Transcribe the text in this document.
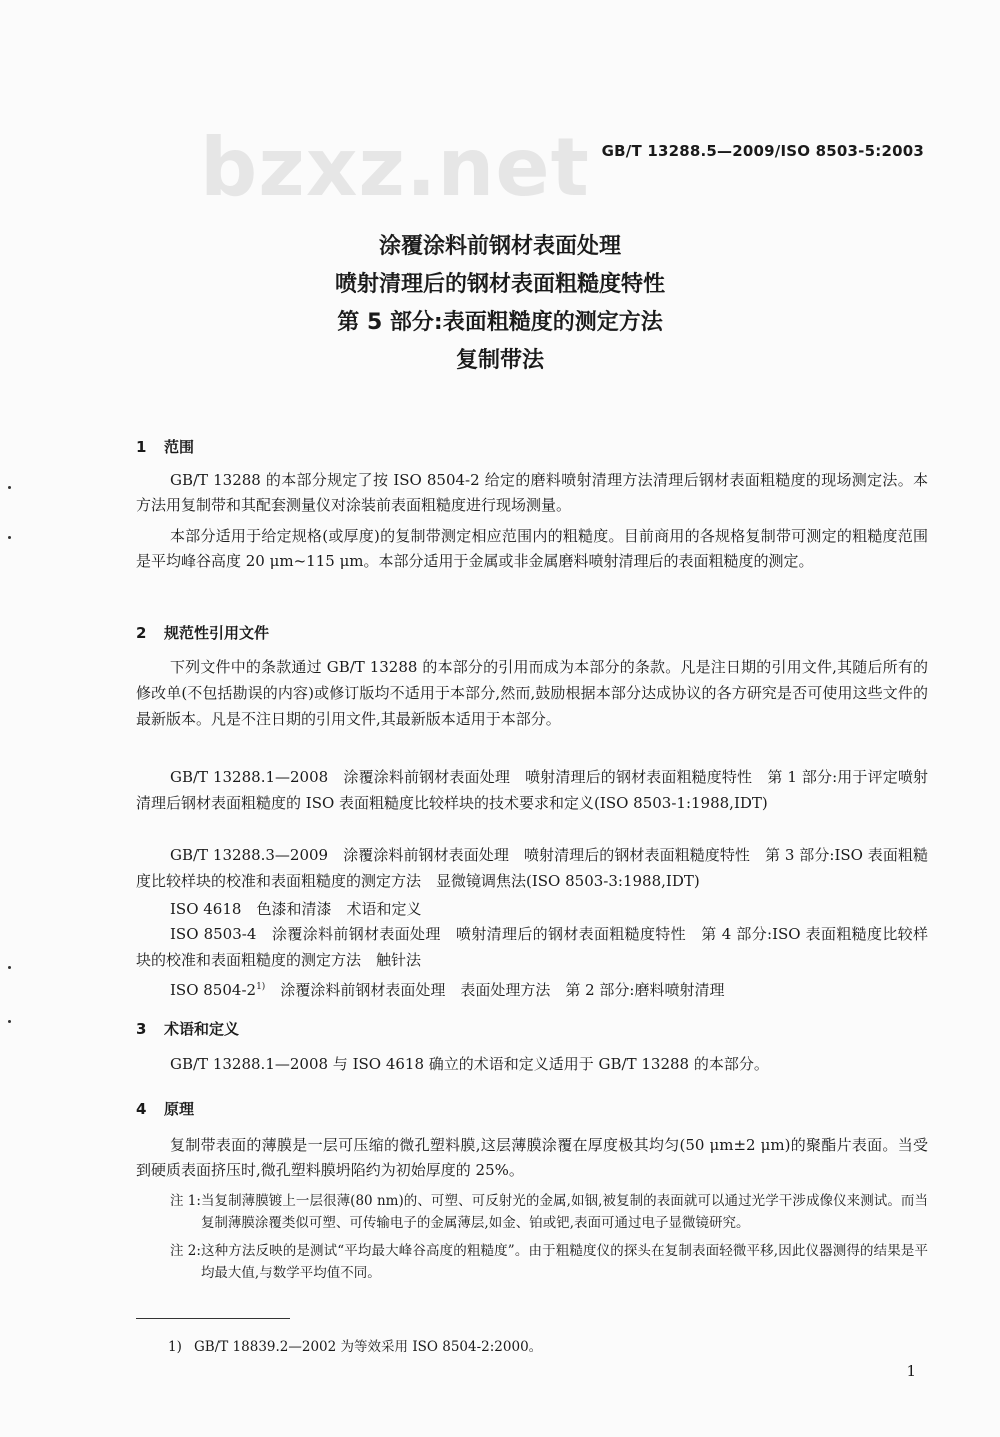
bzxz.net GB/T 13288.5—2009/ISO 8503-5:2003
涂覆涂料前钢材表面处理
喷射清理后的钢材表面粗糙度特性
第 5 部分:表面粗糙度的测定方法
复制带法
1 范围
GB/T 13288 的本部分规定了按 ISO 8504-2 给定的磨料喷射清理方法清理后钢材表面粗糙度的现场测定法。本方法用复制带和其配套测量仪对涂装前表面粗糙度进行现场测量。
本部分适用于给定规格(或厚度)的复制带测定相应范围内的粗糙度。目前商用的各规格复制带可测定的粗糙度范围是平均峰谷高度 20 μm~115 μm。本部分适用于金属或非金属磨料喷射清理后的表面粗糙度的测定。
2 规范性引用文件
下列文件中的条款通过 GB/T 13288 的本部分的引用而成为本部分的条款。凡是注日期的引用文件,其随后所有的修改单(不包括勘误的内容)或修订版均不适用于本部分,然而,鼓励根据本部分达成协议的各方研究是否可使用这些文件的最新版本。凡是不注日期的引用文件,其最新版本适用于本部分。
GB/T 13288.1—2008　涂覆涂料前钢材表面处理　喷射清理后的钢材表面粗糙度特性　第 1 部分:用于评定喷射清理后钢材表面粗糙度的 ISO 表面粗糙度比较样块的技术要求和定义(ISO 8503-1:1988,IDT)
GB/T 13288.3—2009　涂覆涂料前钢材表面处理　喷射清理后的钢材表面粗糙度特性　第 3 部分:ISO 表面粗糙度比较样块的校准和表面粗糙度的测定方法　显微镜调焦法(ISO 8503-3:1988,IDT)
ISO 4618　色漆和清漆　术语和定义
ISO 8503-4　涂覆涂料前钢材表面处理　喷射清理后的钢材表面粗糙度特性　第 4 部分:ISO 表面粗糙度比较样块的校准和表面粗糙度的测定方法　触针法
ISO 8504-2$^{1)}$　涂覆涂料前钢材表面处理　表面处理方法　第 2 部分:磨料喷射清理
3 术语和定义
GB/T 13288.1—2008 与 ISO 4618 确立的术语和定义适用于 GB/T 13288 的本部分。
4 原理
复制带表面的薄膜是一层可压缩的微孔塑料膜,这层薄膜涂覆在厚度极其均匀(50 μm±2 μm)的聚酯片表面。当受到硬质表面挤压时,微孔塑料膜坍陷约为初始厚度的 25%。
注 1: 当复制薄膜镀上一层很薄(80 nm)的、可塑、可反射光的金属,如铟,被复制的表面就可以通过光学干涉成像仪来测试。而当复制薄膜涂覆类似可塑、可传输电子的金属薄层,如金、铂或钯,表面可通过电子显微镜研究。
注 2: 这种方法反映的是测试“平均最大峰谷高度的粗糙度”。由于粗糙度仪的探头在复制表面轻微平移,因此仪器测得的结果是平均最大值,与数学平均值不同。
1) GB/T 18839.2—2002 为等效采用 ISO 8504-2:2000。
1
